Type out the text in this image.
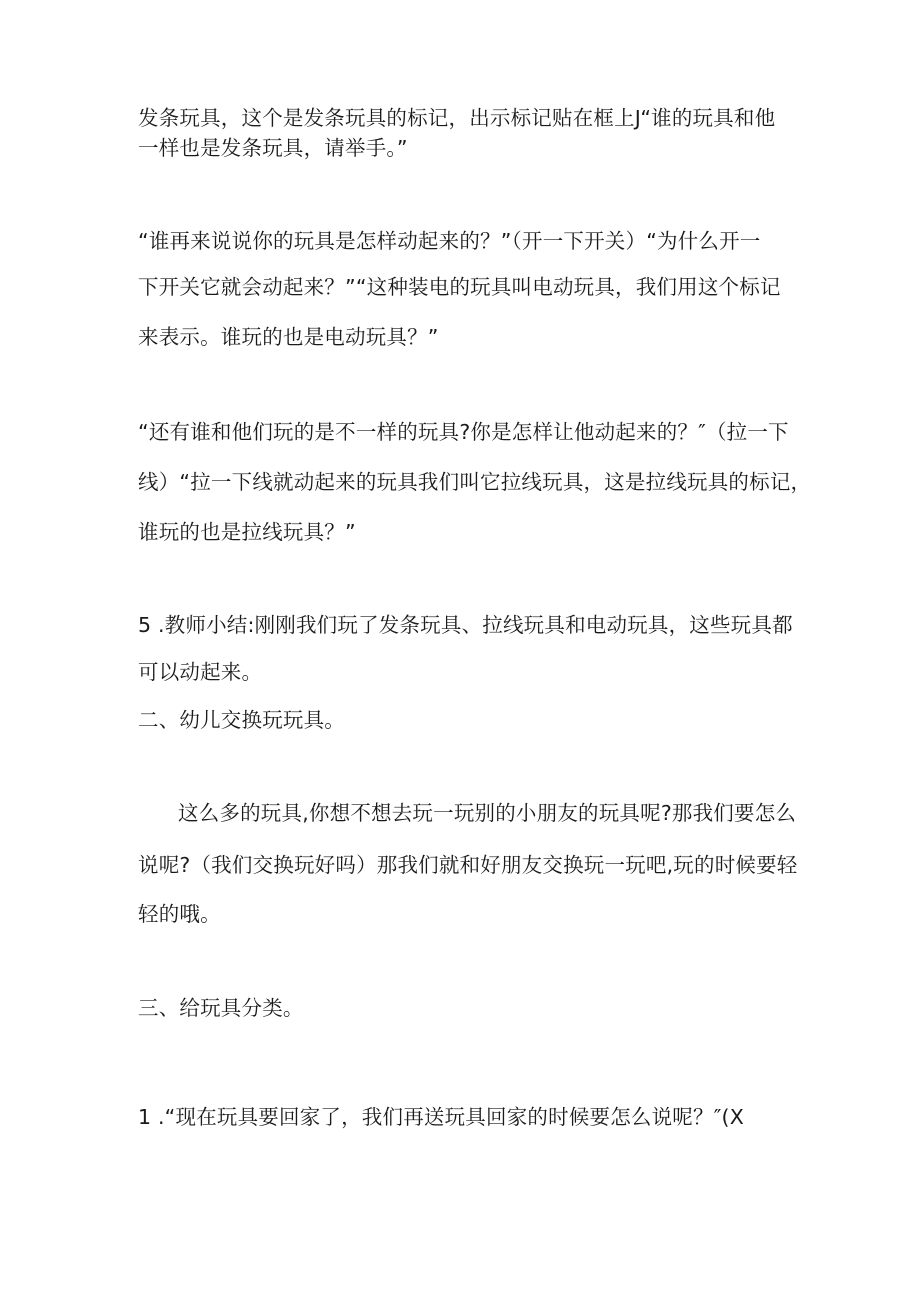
发条玩具，这个是发条玩具的标记，出示标记贴在框上J“谁的玩具和他

一样也是发条玩具，请举手。”

“谁再来说说你的玩具是怎样动起来的？”（开一下开关）“为什么开一

下开关它就会动起来？”“这种装电的玩具叫电动玩具，我们用这个标记

来表示。谁玩的也是电动玩具？”

“还有谁和他们玩的是不一样的玩具?你是怎样让他动起来的？″（拉一下

线）“拉一下线就动起来的玩具我们叫它拉线玩具，这是拉线玩具的标记，

谁玩的也是拉线玩具？”

5 .教师小结:刚刚我们玩了发条玩具、拉线玩具和电动玩具，这些玩具都

可以动起来。

二、幼儿交换玩玩具。

这么多的玩具,你想不想去玩一玩别的小朋友的玩具呢?那我们要怎么

说呢?（我们交换玩好吗）那我们就和好朋友交换玩一玩吧,玩的时候要轻

轻的哦。

三、给玩具分类。

1 .“现在玩具要回家了，我们再送玩具回家的时候要怎么说呢？″(X
